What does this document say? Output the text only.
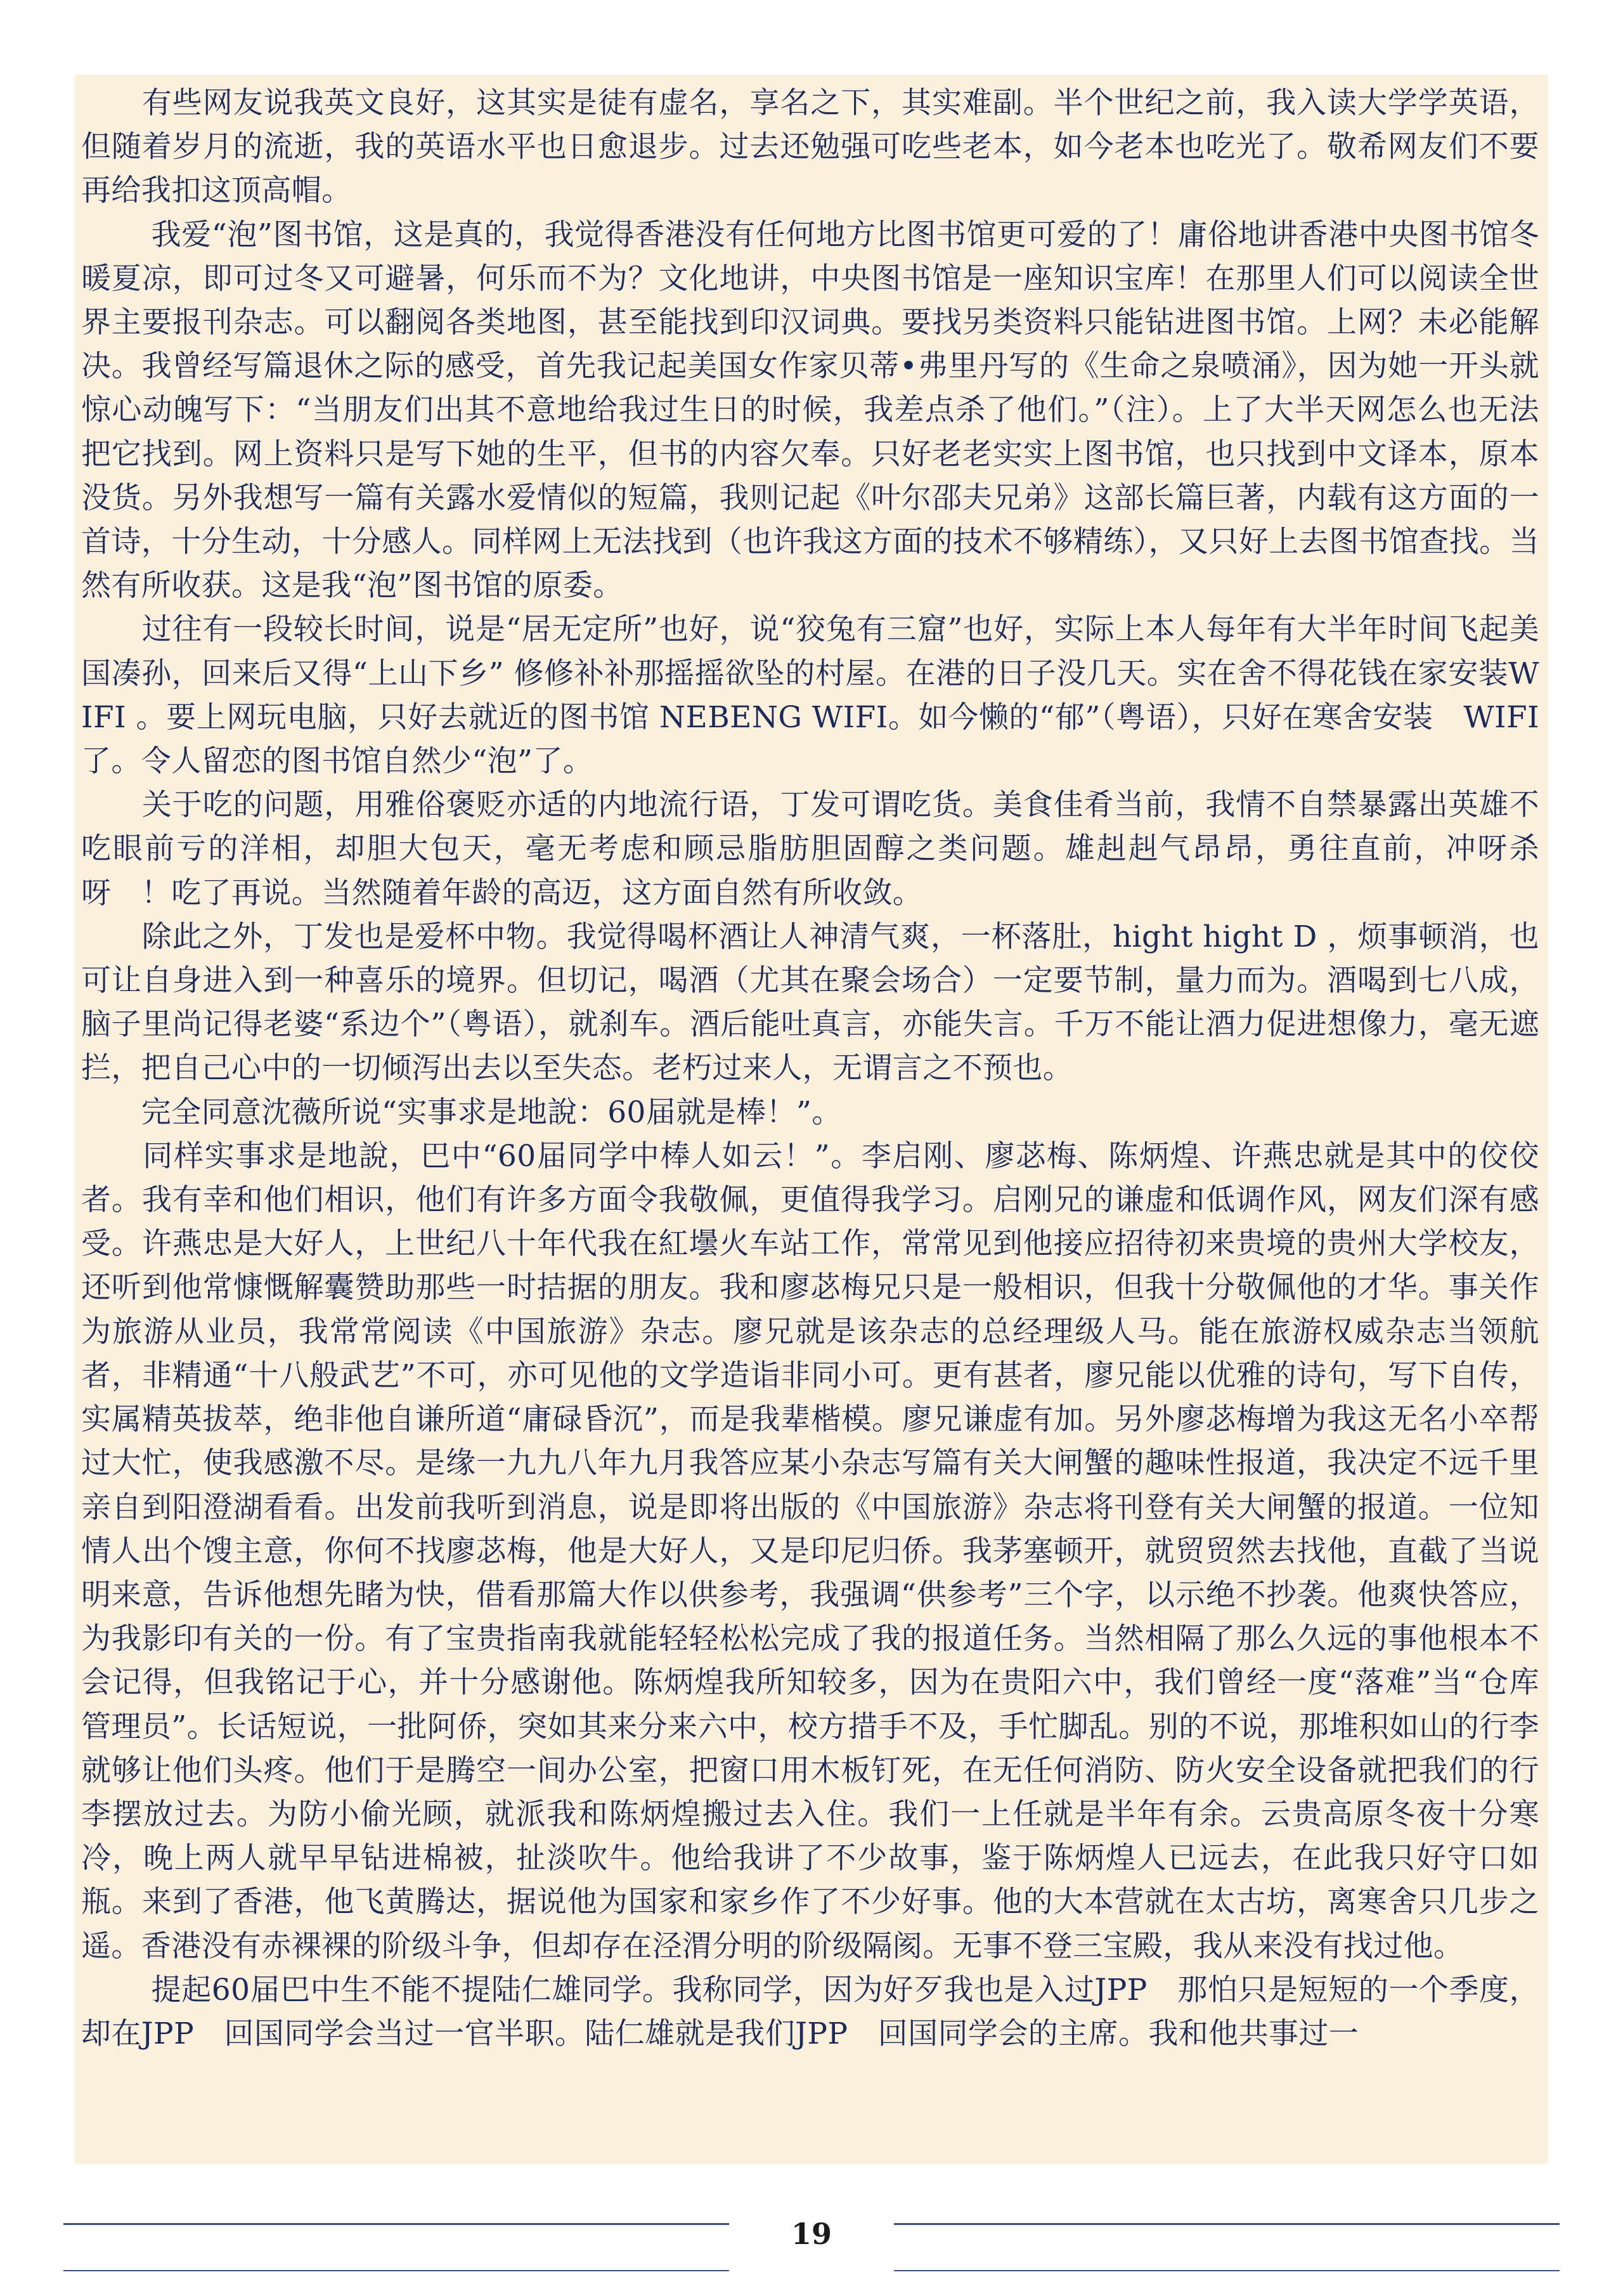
　　有些网友说我英文良好，这其实是徒有虚名，享名之下，其实难副。半个世纪之前，我入读大学学英语，但随着岁月的流逝，我的英语水平也日愈退步。过去还勉强可吃些老本，如今老本也吃光了。敬希网友们不要再给我扣这顶高帽。

　　 我爱“泡”图书馆，这是真的，我觉得香港没有任何地方比图书馆更可爱的了！庸俗地讲香港中央图书馆冬暖夏凉，即可过冬又可避暑，何乐而不为？文化地讲，中央图书馆是一座知识宝库！在那里人们可以阅读全世界主要报刊杂志。可以翻阅各类地图，甚至能找到印汉词典。要找另类资料只能钻进图书馆。上网？未必能解决。我曾经写篇退休之际的感受，首先我记起美国女作家贝蒂•弗里丹写的《生命之泉喷涌》，因为她一开头就惊心动魄写下：“当朋友们出其不意地给我过生日的时候，我差点杀了他们。”（注）。上了大半天网怎么也无法把它找到。网上资料只是写下她的生平，但书的内容欠奉。只好老老实实上图书馆，也只找到中文译本，原本没货。另外我想写一篇有关露水爱情似的短篇，我则记起《叶尔邵夫兄弟》这部长篇巨著，内载有这方面的一首诗，十分生动，十分感人。同样网上无法找到（也许我这方面的技术不够精练），又只好上去图书馆查找。当然有所收获。这是我“泡”图书馆的原委。

　　过往有一段较长时间，说是“居无定所”也好，说“狡兔有三窟”也好，实际上本人每年有大半年时间飞起美国凑孙，回来后又得“上山下乡” 修修补补那摇摇欲坠的村屋。在港的日子没几天。实在舍不得花钱在家安装WIFI 。要上网玩电脑，只好去就近的图书馆 NEBENG WIFI。如今懒的“郁”（粤语），只好在寒舍安装　WIFI　了。令人留恋的图书馆自然少“泡”了。

　　关于吃的问题，用雅俗褒贬亦适的内地流行语，丁发可谓吃货。美食佳肴当前，我情不自禁暴露出英雄不吃眼前亏的洋相，却胆大包天，毫无考虑和顾忌脂肪胆固醇之类问题。雄赳赳气昂昂，勇往直前，冲呀杀呀　！吃了再说。当然随着年龄的高迈，这方面自然有所收敛。

　　除此之外，丁发也是爱杯中物。我觉得喝杯酒让人神清气爽，一杯落肚，hight hight D ，烦事顿消，也可让自身进入到一种喜乐的境界。但切记，喝酒（尤其在聚会场合）一定要节制，量力而为。酒喝到七八成，脑子里尚记得老婆“系边个”（粤语），就刹车。酒后能吐真言，亦能失言。千万不能让酒力促进想像力，毫无遮拦，把自己心中的一切倾泻出去以至失态。老朽过来人，无谓言之不预也。

　　完全同意沈薇所说“实事求是地說：60届就是棒！”。

　　同样实事求是地說，巴中“60届同学中棒人如云！”。李启刚、廖苾梅、陈炳煌、许燕忠就是其中的佼佼者。我有幸和他们相识，他们有许多方面令我敬佩，更值得我学习。启刚兄的谦虚和低调作风，网友们深有感受。许燕忠是大好人，上世纪八十年代我在紅壜火车站工作，常常见到他接应招待初来贵境的贵州大学校友，还听到他常慷慨解囊赞助那些一时拮据的朋友。我和廖苾梅兄只是一般相识，但我十分敬佩他的才华。事关作为旅游从业员，我常常阅读《中国旅游》杂志。廖兄就是该杂志的总经理级人马。能在旅游权威杂志当领航者，非精通“十八般武艺”不可，亦可见他的文学造诣非同小可。更有甚者，廖兄能以优雅的诗句，写下自传，实属精英拔萃，绝非他自谦所道“庸碌昏沉”，而是我辈楷模。廖兄谦虚有加。另外廖苾梅增为我这无名小卒帮过大忙，使我感激不尽。是缘一九九八年九月我答应某小杂志写篇有关大闸蟹的趣味性报道，我决定不远千里亲自到阳澄湖看看。出发前我听到消息，说是即将出版的《中国旅游》杂志将刊登有关大闸蟹的报道。一位知情人出个馊主意，你何不找廖苾梅，他是大好人，又是印尼归侨。我茅塞顿开，就贸贸然去找他，直截了当说明来意，告诉他想先睹为快，借看那篇大作以供参考，我强调“供参考”三个字，以示绝不抄袭。他爽快答应，为我影印有关的一份。有了宝贵指南我就能轻轻松松完成了我的报道任务。当然相隔了那么久远的事他根本不会记得，但我铭记于心，并十分感谢他。陈炳煌我所知较多，因为在贵阳六中，我们曾经一度“落难”当“仓库管理员”。长话短说，一批阿侨，突如其来分来六中，校方措手不及，手忙脚乱。别的不说，那堆积如山的行李就够让他们头疼。他们于是腾空一间办公室，把窗口用木板钉死，在无任何消防、防火安全设备就把我们的行李摆放过去。为防小偷光顾，就派我和陈炳煌搬过去入住。我们一上任就是半年有余。云贵高原冬夜十分寒冷，晚上两人就早早钻进棉被，扯淡吹牛。他给我讲了不少故事，鉴于陈炳煌人已远去，在此我只好守口如瓶。来到了香港，他飞黄腾达，据说他为国家和家乡作了不少好事。他的大本营就在太古坊，离寒舍只几步之遥。香港没有赤裸裸的阶级斗争，但却存在泾渭分明的阶级隔阂。无事不登三宝殿，我从来没有找过他。

　　 提起60届巴中生不能不提陆仁雄同学。我称同学，因为好歹我也是入过JPP　那怕只是短短的一个季度，却在JPP　回国同学会当过一官半职。陆仁雄就是我们JPP　回国同学会的主席。我和他共事过一

19
